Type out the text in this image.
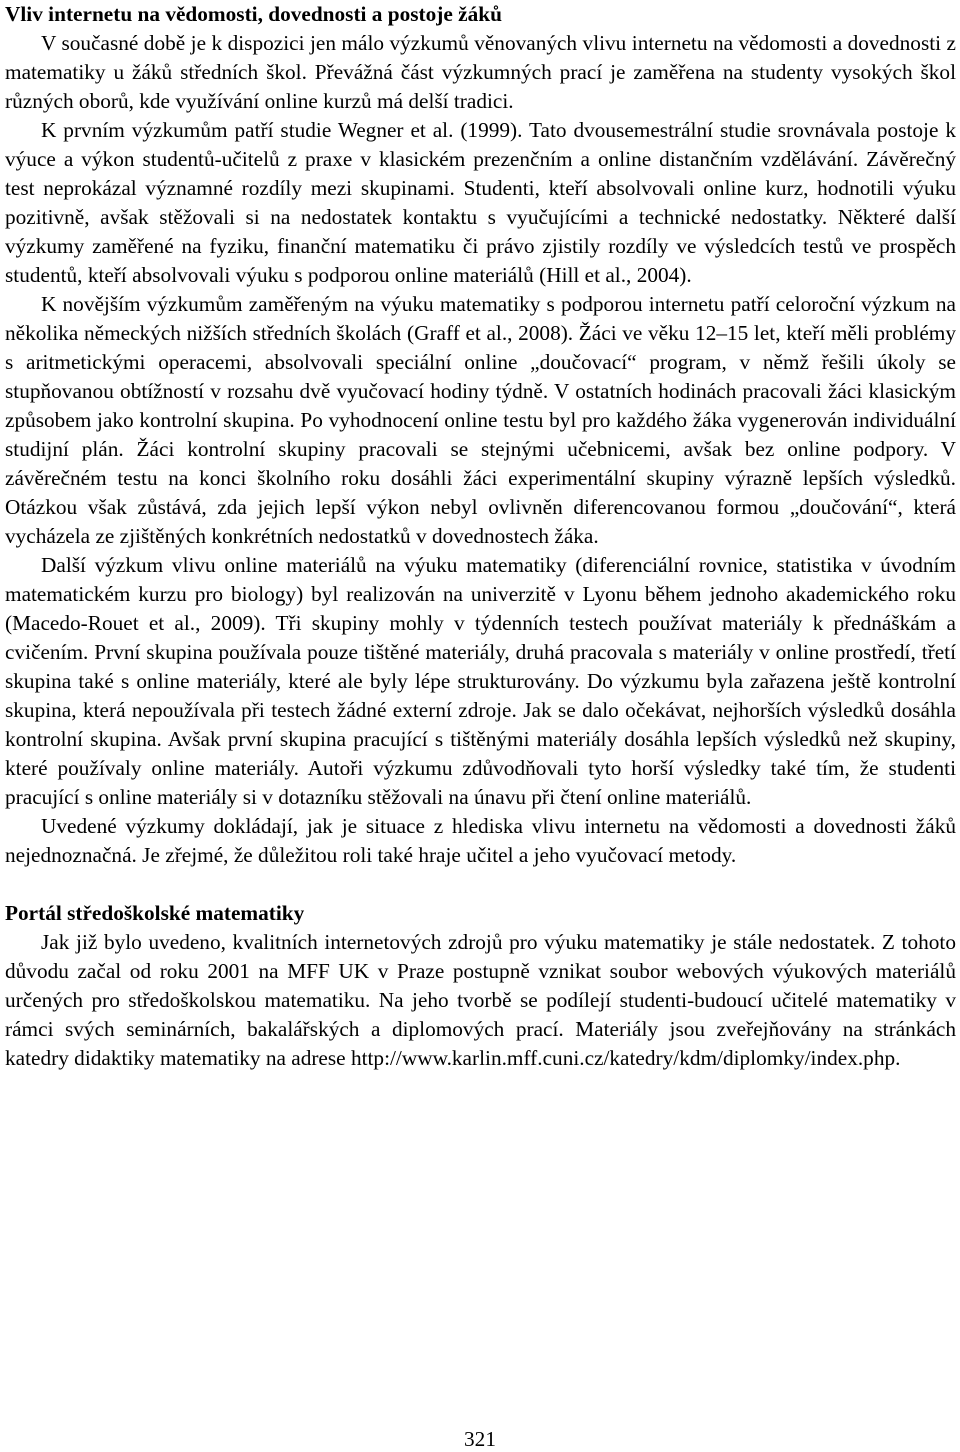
Vliv internetu na vědomosti, dovednosti a postoje žáků

V současné době je k dispozici jen málo výzkumů věnovaných vlivu internetu na vědomosti a dovednosti z matematiky u žáků středních škol. Převážná část výzkumných prací je zaměřena na studenty vysokých škol různých oborů, kde využívání online kurzů má delší tradici.

K prvním výzkumům patří studie Wegner et al. (1999). Tato dvousemestrální studie srovnávala postoje k výuce a výkon studentů-učitelů z praxe v klasickém prezenčním a online distančním vzdělávání. Závěrečný test neprokázal významné rozdíly mezi skupinami. Studenti, kteří absolvovali online kurz, hodnotili výuku pozitivně, avšak stěžovali si na nedostatek kontaktu s vyučujícími a technické nedostatky. Některé další výzkumy zaměřené na fyziku, finanční matematiku či právo zjistily rozdíly ve výsledcích testů ve prospěch studentů, kteří absolvovali výuku s podporou online materiálů (Hill et al., 2004).

K novějším výzkumům zaměřeným na výuku matematiky s podporou internetu patří celoroční výzkum na několika německých nižších středních školách (Graff et al., 2008). Žáci ve věku 12–15 let, kteří měli problémy s aritmetickými operacemi, absolvovali speciální online „doučovací“ program, v němž řešili úkoly se stupňovanou obtížností v rozsahu dvě vyučovací hodiny týdně. V ostatních hodinách pracovali žáci klasickým způsobem jako kontrolní skupina. Po vyhodnocení online testu byl pro každého žáka vygenerován individuální studijní plán. Žáci kontrolní skupiny pracovali se stejnými učebnicemi, avšak bez online podpory. V závěrečném testu na konci školního roku dosáhli žáci experimentální skupiny výrazně lepších výsledků. Otázkou však zůstává, zda jejich lepší výkon nebyl ovlivněn diferencovanou formou „doučování“, která vycházela ze zjištěných konkrétních nedostatků v dovednostech žáka.

Další výzkum vlivu online materiálů na výuku matematiky (diferenciální rovnice, statistika v úvodním matematickém kurzu pro biology) byl realizován na univerzitě v Lyonu během jednoho akademického roku (Macedo-Rouet et al., 2009). Tři skupiny mohly v týdenních testech používat materiály k přednáškám a cvičením. První skupina používala pouze tištěné materiály, druhá pracovala s materiály v online prostředí, třetí skupina také s online materiály, které ale byly lépe strukturovány. Do výzkumu byla zařazena ještě kontrolní skupina, která nepoužívala při testech žádné externí zdroje. Jak se dalo očekávat, nejhorších výsledků dosáhla kontrolní skupina. Avšak první skupina pracující s tištěnými materiály dosáhla lepších výsledků než skupiny, které používaly online materiály. Autoři výzkumu zdůvodňovali tyto horší výsledky také tím, že studenti pracující s online materiály si v dotazníku stěžovali na únavu při čtení online materiálů.

Uvedené výzkumy dokládají, jak je situace z hlediska vlivu internetu na vědomosti a dovednosti žáků nejednoznačná. Je zřejmé, že důležitou roli také hraje učitel a jeho vyučovací metody.

Portál středoškolské matematiky

Jak již bylo uvedeno, kvalitních internetových zdrojů pro výuku matematiky je stále nedostatek. Z tohoto důvodu začal od roku 2001 na MFF UK v Praze postupně vznikat soubor webových výukových materiálů určených pro středoškolskou matematiku. Na jeho tvorbě se podílejí studenti-budoucí učitelé matematiky v rámci svých seminárních, bakalářských a diplomových prací. Materiály jsou zveřejňovány na stránkách katedry didaktiky matematiky na adrese http://www.karlin.mff.cuni.cz/katedry/kdm/diplomky/index.php.

321
